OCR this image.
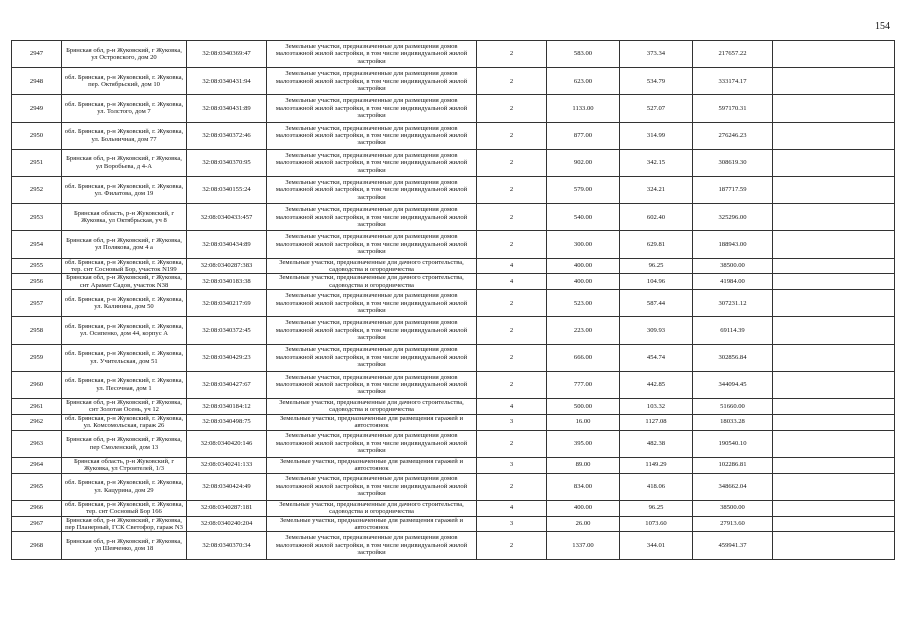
154
2947	Брянская обл, р-н Жуковский, г Жуковка, ул Островского, дом 20	32:08:0340369:47	Земельные участки, предназначенные для размещения домов малоэтажной жилой застройки, в том числе индивидуальной жилой застройки	2	583.00	373.34	217657.22	
2948	обл. Брянская, р-н Жуковский, г. Жуковка, пер. Октябрьский, дом 10	32:08:0340431:94	Земельные участки, предназначенные для размещения домов малоэтажной жилой застройки, в том числе индивидуальной жилой застройки	2	623.00	534.79	333174.17	
2949	обл. Брянская, р-н Жуковский, г. Жуковка, ул. Толстого, дом 7	32:08:0340431:89	Земельные участки, предназначенные для размещения домов малоэтажной жилой застройки, в том числе индивидуальной жилой застройки	2	1133.00	527.07	597170.31	
2950	обл. Брянская, р-н Жуковский, г. Жуковка, ул. Больничная, дом 77	32:08:0340372:46	Земельные участки, предназначенные для размещения домов малоэтажной жилой застройки, в том числе индивидуальной жилой застройки	2	877.00	314.99	276246.23	
2951	Брянская обл, р-н Жуковский, г Жуковка, ул Воробьева, д 4-А	32:08:0340370:95	Земельные участки, предназначенные для размещения домов малоэтажной жилой застройки, в том числе индивидуальной жилой застройки	2	902.00	342.15	308619.30	
2952	обл. Брянская, р-н Жуковский, г. Жуковка, ул. Филатова, дом 19	32:08:0340155:24	Земельные участки, предназначенные для размещения домов малоэтажной жилой застройки, в том числе индивидуальной жилой застройки	2	579.00	324.21	187717.59	
2953	Брянская область, р-н Жуковский, г Жуковка, ул Октябрьская, уч 8	32:08:0340433:457	Земельные участки, предназначенные для размещения домов малоэтажной жилой застройки, в том числе индивидуальной жилой застройки	2	540.00	602.40	325296.00	
2954	Брянская обл, р-н Жуковский, г Жуковка, ул Полякова, дом 4 а	32:08:0340434:89	Земельные участки, предназначенные для размещения домов малоэтажной жилой застройки, в том числе индивидуальной жилой застройки	2	300.00	629.81	188943.00	
2955	обл. Брянская, р-н Жуковский, г. Жуковка, тер. снт Сосновый Бор, участок N199	32:08:0340287:383	Земельные участки, предназначенные для дачного строительства, садоводства и огородничества	4	400.00	96.25	38500.00	
2956	Брянская обл, р-н Жуковский, г Жуковка, снт Арамат Садов, участок N38	32:08:0340183:38	Земельные участки, предназначенные для дачного строительства, садоводства и огородничества	4	400.00	104.96	41984.00	
2957	обл. Брянская, р-н Жуковский, г. Жуковка, ул. Калинина, дом 50	32:08:0340217:69	Земельные участки, предназначенные для размещения домов малоэтажной жилой застройки, в том числе индивидуальной жилой застройки	2	523.00	587.44	307231.12	
2958	обл. Брянская, р-н Жуковский, г. Жуковка, ул. Осипенко, дом 44, корпус А	32:08:0340372:45	Земельные участки, предназначенные для размещения домов малоэтажной жилой застройки, в том числе индивидуальной жилой застройки	2	223.00	309.93	69114.39	
2959	обл. Брянская, р-н Жуковский, г. Жуковка, ул. Учительская, дом 51	32:08:0340429:23	Земельные участки, предназначенные для размещения домов малоэтажной жилой застройки, в том числе индивидуальной жилой застройки	2	666.00	454.74	302856.84	
2960	обл. Брянская, р-н Жуковский, г. Жуковка, ул. Песочная, дом 1	32:08:0340427:67	Земельные участки, предназначенные для размещения домов малоэтажной жилой застройки, в том числе индивидуальной жилой застройки	2	777.00	442.85	344094.45	
2961	Брянская обл, р-н Жуковский, г Жуковка, снт Золотая Осень, уч 12	32:08:0340184:12	Земельные участки, предназначенные для дачного строительства, садоводства и огородничества	4	500.00	103.32	51660.00	
2962	обл. Брянская, р-н Жуковский, г. Жуковка, ул. Комсомольская, гараж 26	32:08:0340498:75	Земельные участки, предназначенные для размещения гаражей и автостоянок	3	16.00	1127.08	18033.28	
2963	Брянская обл, р-н Жуковский, г Жуковка, пер Смоленский, дом 13	32:08:0340420:146	Земельные участки, предназначенные для размещения домов малоэтажной жилой застройки, в том числе индивидуальной жилой застройки	2	395.00	482.38	190540.10	
2964	Брянская область, р-н Жуковский, г Жуковка, ул Строителей, 1/3	32:08:0340241:133	Земельные участки, предназначенные для размещения гаражей и автостоянок	3	89.00	1149.29	102286.81	
2965	обл. Брянская, р-н Жуковский, г. Жуковка, ул. Кацурина, дом 29	32:08:0340424:49	Земельные участки, предназначенные для размещения домов малоэтажной жилой застройки, в том числе индивидуальной жилой застройки	2	834.00	418.06	348662.04	
2966	обл. Брянская, р-н Жуковский, г. Жуковка, тер. снт Сосновый Бор 166	32:08:0340287:181	Земельные участки, предназначенные для дачного строительства, садоводства и огородничества	4	400.00	96.25	38500.00	
2967	Брянская обл, р-н Жуковский, г Жуковка, пер Планерный, ГСК Светофор, гараж N3	32:08:0340240:204	Земельные участки, предназначенные для размещения гаражей и автостоянок	3	26.00	1073.60	27913.60	
2968	Брянская обл, р-н Жуковский, г Жуковка, ул Шевченко, дом 18	32:08:0340370:34	Земельные участки, предназначенные для размещения домов малоэтажной жилой застройки, в том числе индивидуальной жилой застройки	2	1337.00	344.01	459941.37	
